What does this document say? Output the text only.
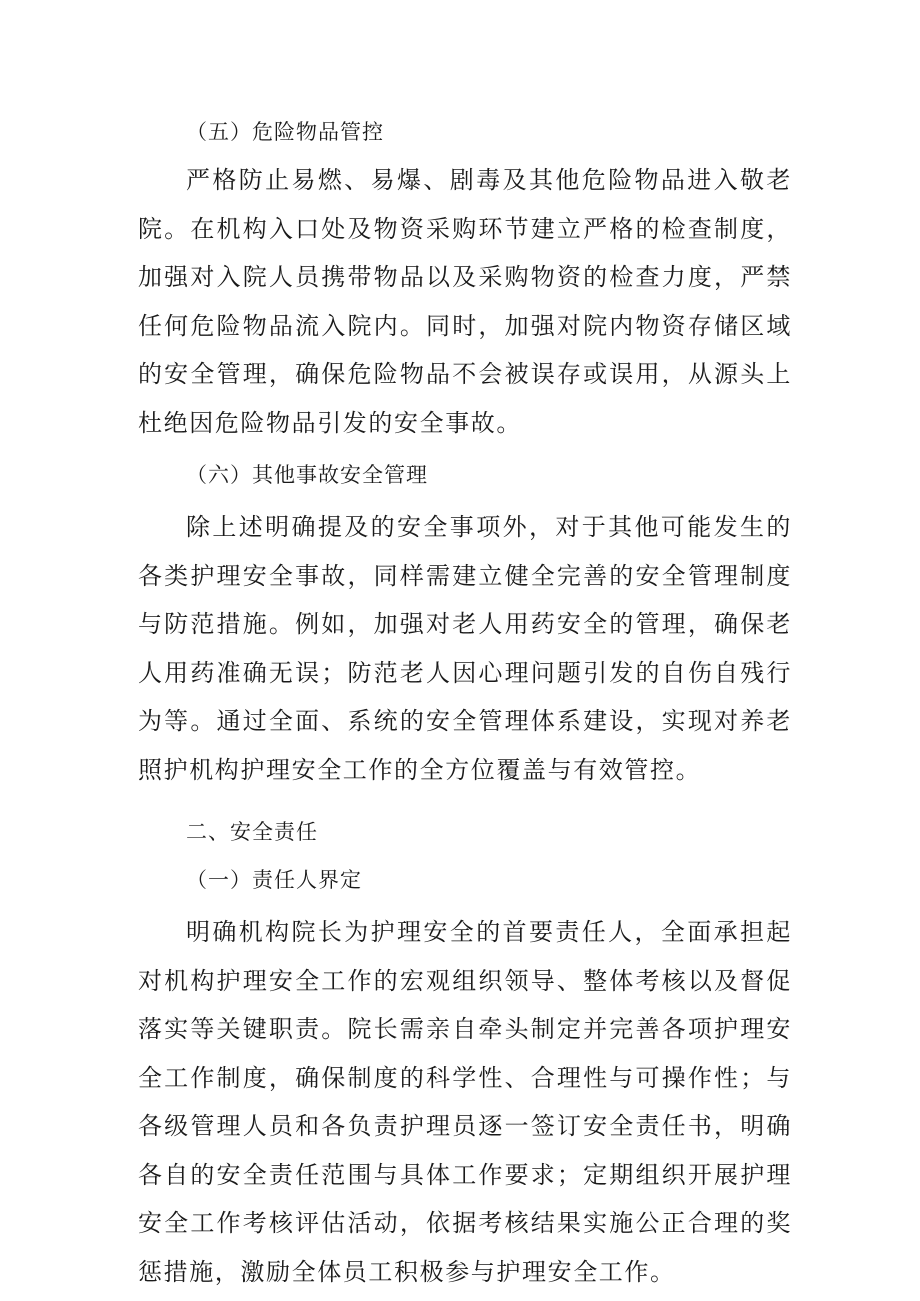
（五）危险物品管控

严格防止易燃、易爆、剧毒及其他危险物品进入敬老院。在机构入口处及物资采购环节建立严格的检查制度，加强对入院人员携带物品以及采购物资的检查力度，严禁任何危险物品流入院内。同时，加强对院内物资存储区域的安全管理，确保危险物品不会被误存或误用，从源头上杜绝因危险物品引发的安全事故。

（六）其他事故安全管理

除上述明确提及的安全事项外，对于其他可能发生的各类护理安全事故，同样需建立健全完善的安全管理制度与防范措施。例如，加强对老人用药安全的管理，确保老人用药准确无误；防范老人因心理问题引发的自伤自残行为等。通过全面、系统的安全管理体系建设，实现对养老照护机构护理安全工作的全方位覆盖与有效管控。

二、安全责任

（一）责任人界定

明确机构院长为护理安全的首要责任人，全面承担起对机构护理安全工作的宏观组织领导、整体考核以及督促落实等关键职责。院长需亲自牵头制定并完善各项护理安全工作制度，确保制度的科学性、合理性与可操作性；与各级管理人员和各负责护理员逐一签订安全责任书，明确各自的安全责任范围与具体工作要求；定期组织开展护理安全工作考核评估活动，依据考核结果实施公正合理的奖惩措施，激励全体员工积极参与护理安全工作。
